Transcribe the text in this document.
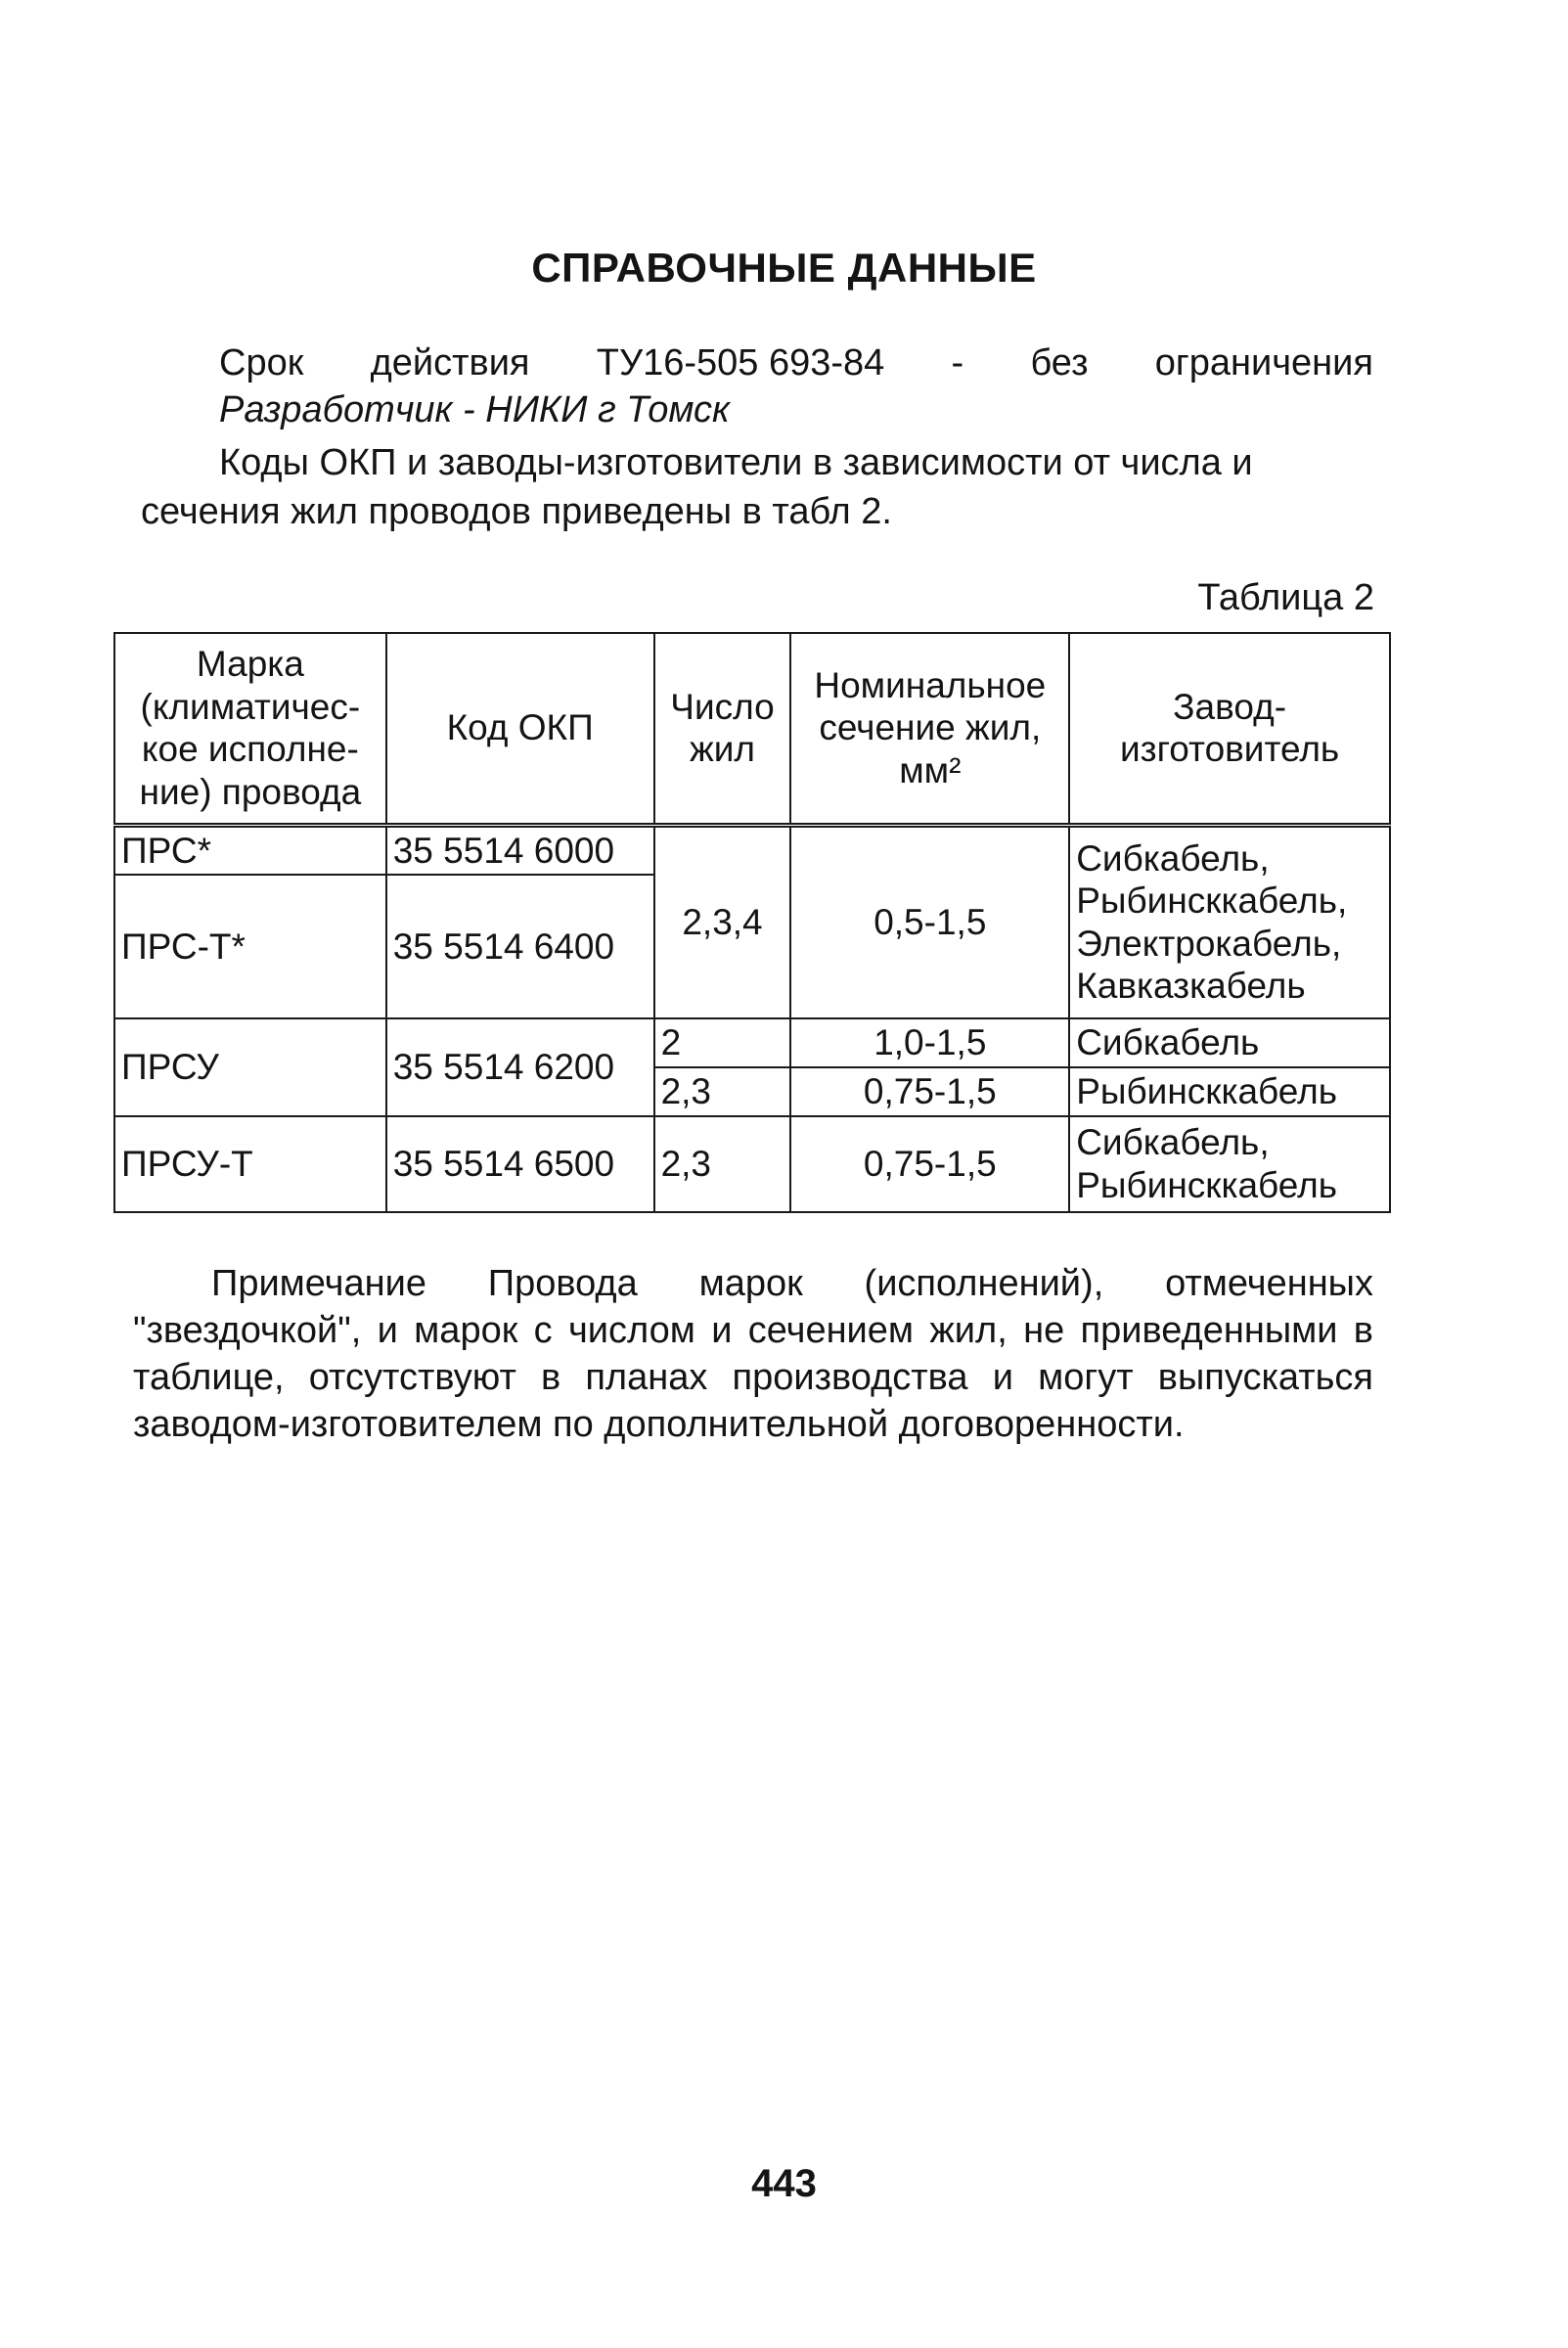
СПРАВОЧНЫЕ ДАННЫЕ
Срок действия ТУ16-505 693-84 - без ограничения
Разработчик - НИКИ г Томск
Коды ОКП и заводы-изготовители в зависимости от числа и
сечения жил проводов приведены в табл 2.
Таблица 2
Марка (климатичес-кое исполне-ние) провода	Код ОКП	Число жил	Номинальное сечение жил, мм²	Завод-изготовитель
ПРС*	35 5514 6000	2,3,4	0,5-1,5	Сибкабель, Рыбинсккабель, Электрокабель, Кавказкабель
ПРС-Т*	35 5514 6400			
ПРСУ	35 5514 6200	2	1,0-1,5	Сибкабель
		2,3	0,75-1,5	Рыбинсккабель
ПРСУ-Т	35 5514 6500	2,3	0,75-1,5	Сибкабель, Рыбинсккабель
Примечание Провода марок (исполнений), отмеченных "звездочкой", и марок с числом и сечением жил, не приведенными в таблице, отсутствуют в планах производства и могут выпускаться заводом-изготовителем по дополнительной договоренности.
443
